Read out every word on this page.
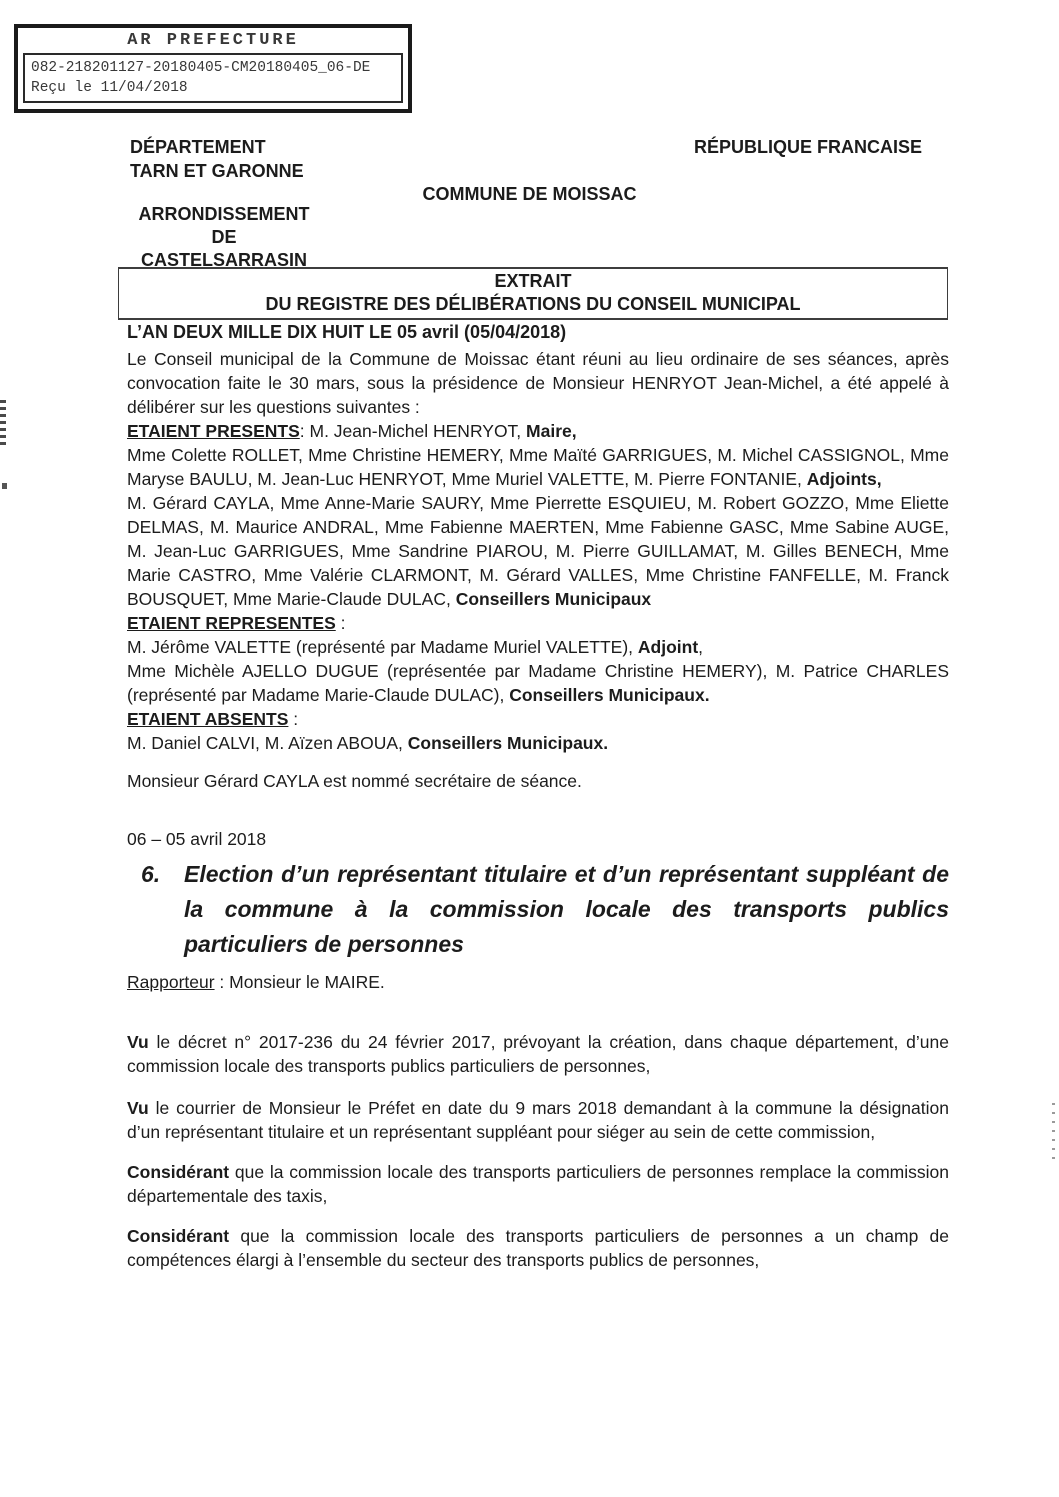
AR PREFECTURE
082-218201127-20180405-CM20180405_06-DE
Reçu le 11/04/2018
DÉPARTEMENT
TARN ET GARONNE
RÉPUBLIQUE FRANCAISE
COMMUNE DE MOISSAC
ARRONDISSEMENT
DE
CASTELSARRASIN
EXTRAIT
DU REGISTRE DES DÉLIBÉRATIONS DU CONSEIL MUNICIPAL

L’AN DEUX MILLE DIX HUIT LE 05 avril (05/04/2018)

Le Conseil municipal de la Commune de Moissac étant réuni au lieu ordinaire de ses séances, après convocation faite le 30 mars, sous la présidence de Monsieur HENRYOT Jean-Michel, a été appelé à délibérer sur les questions suivantes :

ETAIENT PRESENTS: M. Jean-Michel HENRYOT, Maire,

Mme Colette ROLLET, Mme Christine HEMERY, Mme Maïté GARRIGUES, M. Michel CASSIGNOL, Mme Maryse BAULU, M. Jean-Luc HENRYOT, Mme Muriel VALETTE, M. Pierre FONTANIE, Adjoints,

M. Gérard CAYLA, Mme Anne-Marie SAURY, Mme Pierrette ESQUIEU, M. Robert GOZZO, Mme Eliette DELMAS, M. Maurice ANDRAL, Mme Fabienne MAERTEN, Mme Fabienne GASC, Mme Sabine AUGE, M. Jean-Luc GARRIGUES, Mme Sandrine PIAROU, M. Pierre GUILLAMAT, M. Gilles BENECH, Mme Marie CASTRO, Mme Valérie CLARMONT, M. Gérard VALLES, Mme Christine FANFELLE, M. Franck BOUSQUET, Mme Marie-Claude DULAC, Conseillers Municipaux

ETAIENT REPRESENTES :

M. Jérôme VALETTE (représenté par Madame Muriel VALETTE), Adjoint,

Mme Michèle AJELLO DUGUE (représentée par Madame Christine HEMERY), M. Patrice CHARLES (représenté par Madame Marie-Claude DULAC), Conseillers Municipaux.

ETAIENT ABSENTS :

M. Daniel CALVI, M. Aïzen ABOUA, Conseillers Municipaux.

Monsieur Gérard CAYLA est nommé secrétaire de séance.

06 – 05 avril 2018

6.	Election d’un représentant titulaire et d’un représentant suppléant de la commune à la commission locale des transports publics particuliers de personnes

Rapporteur : Monsieur le MAIRE.

Vu le décret n° 2017-236 du 24 février 2017, prévoyant la création, dans chaque département, d’une commission locale des transports publics particuliers de personnes,

Vu le courrier de Monsieur le Préfet en date du 9 mars 2018 demandant à la commune la désignation d’un représentant titulaire et un représentant suppléant pour siéger au sein de cette commission,

Considérant que la commission locale des transports particuliers de personnes remplace la commission départementale des taxis,

Considérant que la commission locale des transports particuliers de personnes a un champ de compétences élargi à l’ensemble du secteur des transports publics de personnes,
